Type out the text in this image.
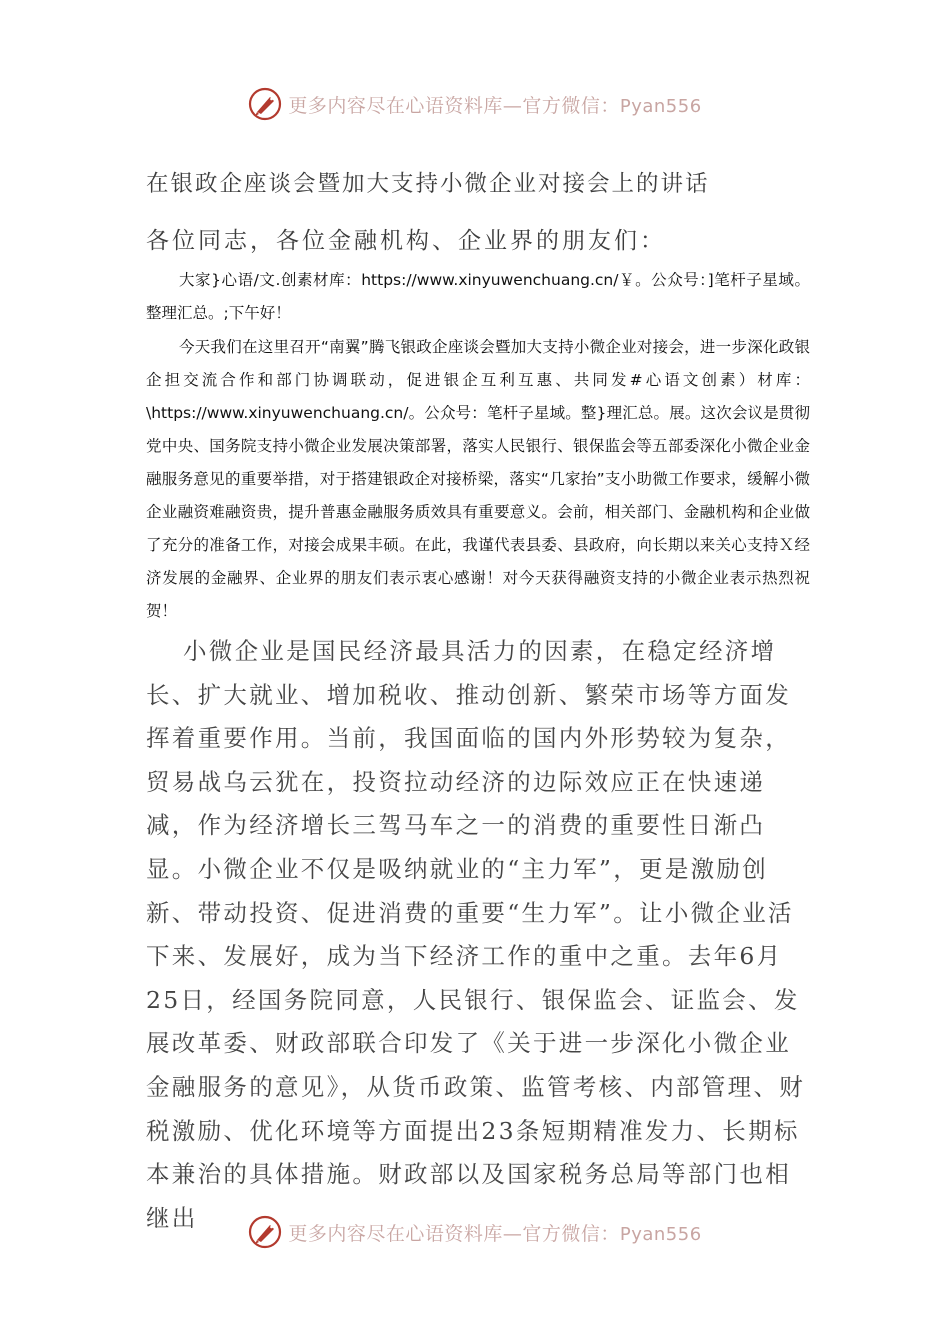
更多内容尽在心语资料库—官方微信：Pyan556
在银政企座谈会暨加大支持小微企业对接会上的讲话
各位同志，各位金融机构、企业界的朋友们：

大家}心语/文.创素材库：https://www.xinyuwenchuang.cn/￥。公众号：]笔杆子星域。整理汇总。;下午好！

今天我们在这里召开“南翼”腾飞银政企座谈会暨加大支持小微企业对接会，进一步深化政银企担交流合作和部门协调联动，促进银企互利互惠、共同发#心语文创素）材库：\https://www.xinyuwenchuang.cn/。公众号：笔杆子星域。整}理汇总。展。这次会议是贯彻党中央、国务院支持小微企业发展决策部署，落实人民银行、银保监会等五部委深化小微企业金融服务意见的重要举措，对于搭建银政企对接桥梁，落实“几家抬”支小助微工作要求，缓解小微企业融资难融资贵，提升普惠金融服务质效具有重要意义。会前，相关部门、金融机构和企业做了充分的准备工作，对接会成果丰硕。在此，我谨代表县委、县政府，向长期以来关心支持Ｘ经济发展的金融界、企业界的朋友们表示衷心感谢！对今天获得融资支持的小微企业表示热烈祝贺！

小微企业是国民经济最具活力的因素，在稳定经济增长、扩大就业、增加税收、推动创新、繁荣市场等方面发挥着重要作用。当前，我国面临的国内外形势较为复杂，贸易战乌云犹在，投资拉动经济的边际效应正在快速递减，作为经济增长三驾马车之一的消费的重要性日渐凸显。小微企业不仅是吸纳就业的“主力军”，更是激励创新、带动投资、促进消费的重要“生力军”。让小微企业活下来、发展好，成为当下经济工作的重中之重。去年6月25日，经国务院同意，人民银行、银保监会、证监会、发展改革委、财政部联合印发了《关于进一步深化小微企业金融服务的意见》，从货币政策、监管考核、内部管理、财税激励、优化环境等方面提出23条短期精准发力、长期标本兼治的具体措施。财政部以及国家税务总局等部门也相继出

更多内容尽在心语资料库—官方微信：Pyan556
